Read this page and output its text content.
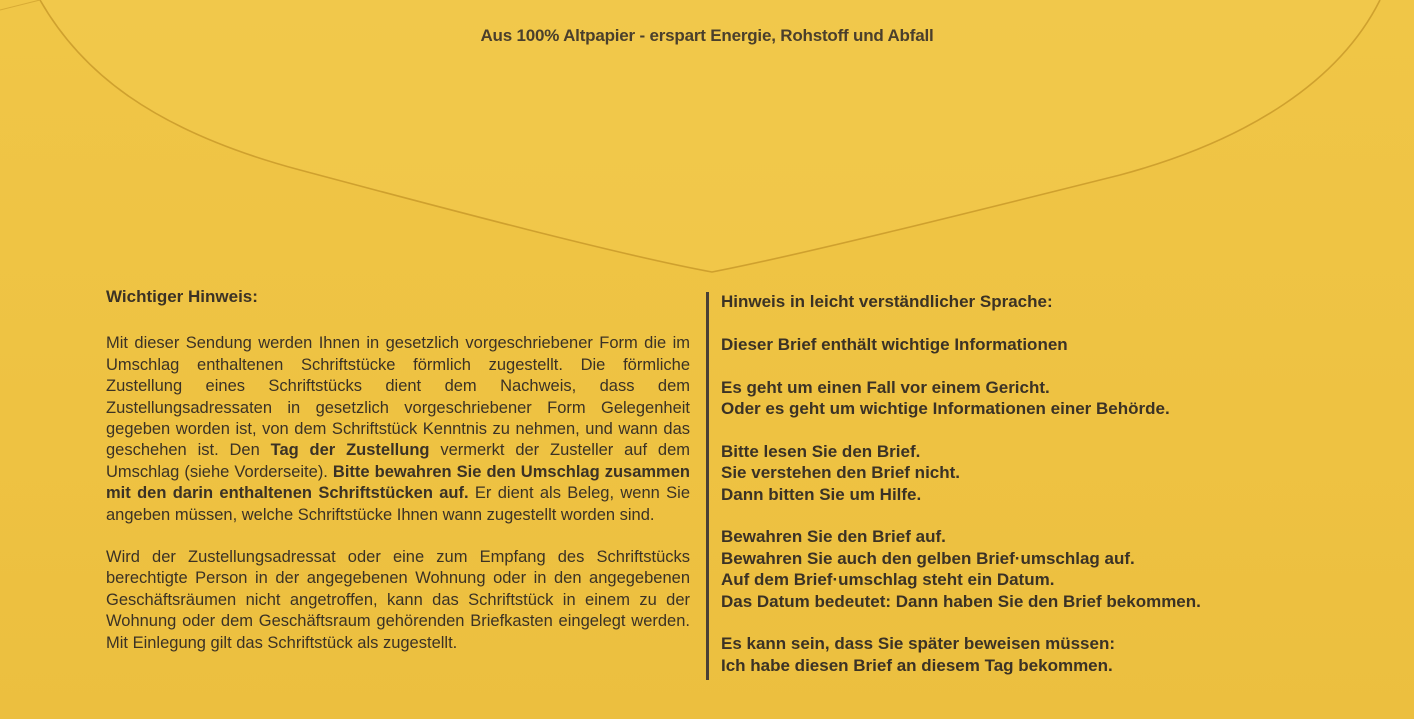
Aus 100% Altpapier - erspart Energie, Rohstoff und Abfall
Wichtiger Hinweis:

Mit dieser Sendung werden Ihnen in gesetzlich vorgeschriebener Form die im Umschlag enthaltenen Schriftstücke förmlich zugestellt. Die förmliche Zustellung eines Schriftstücks dient dem Nachweis, dass dem Zustellungsadressaten in gesetzlich vorgeschriebener Form Gelegenheit gegeben worden ist, von dem Schriftstück Kenntnis zu nehmen, und wann das geschehen ist. Den Tag der Zustellung vermerkt der Zusteller auf dem Umschlag (siehe Vorderseite). Bitte bewahren Sie den Umschlag zusammen mit den darin enthaltenen Schriftstücken auf. Er dient als Beleg, wenn Sie angeben müssen, welche Schriftstücke Ihnen wann zugestellt worden sind.

Wird der Zustellungsadressat oder eine zum Empfang des Schriftstücks berechtigte Person in der angegebenen Wohnung oder in den angegebenen Geschäftsräumen nicht angetroffen, kann das Schriftstück in einem zu der Wohnung oder dem Geschäftsraum gehörenden Briefkasten eingelegt werden. Mit Einlegung gilt das Schriftstück als zugestellt.

Hinweis in leicht verständlicher Sprache:
Dieser Brief enthält wichtige Informationen
Es geht um einen Fall vor einem Gericht.
Oder es geht um wichtige Informationen einer Behörde.
Bitte lesen Sie den Brief.
Sie verstehen den Brief nicht.
Dann bitten Sie um Hilfe.
Bewahren Sie den Brief auf.
Bewahren Sie auch den gelben Brief·umschlag auf.
Auf dem Brief·umschlag steht ein Datum.
Das Datum bedeutet: Dann haben Sie den Brief bekommen.
Es kann sein, dass Sie später beweisen müssen:
Ich habe diesen Brief an diesem Tag bekommen.
